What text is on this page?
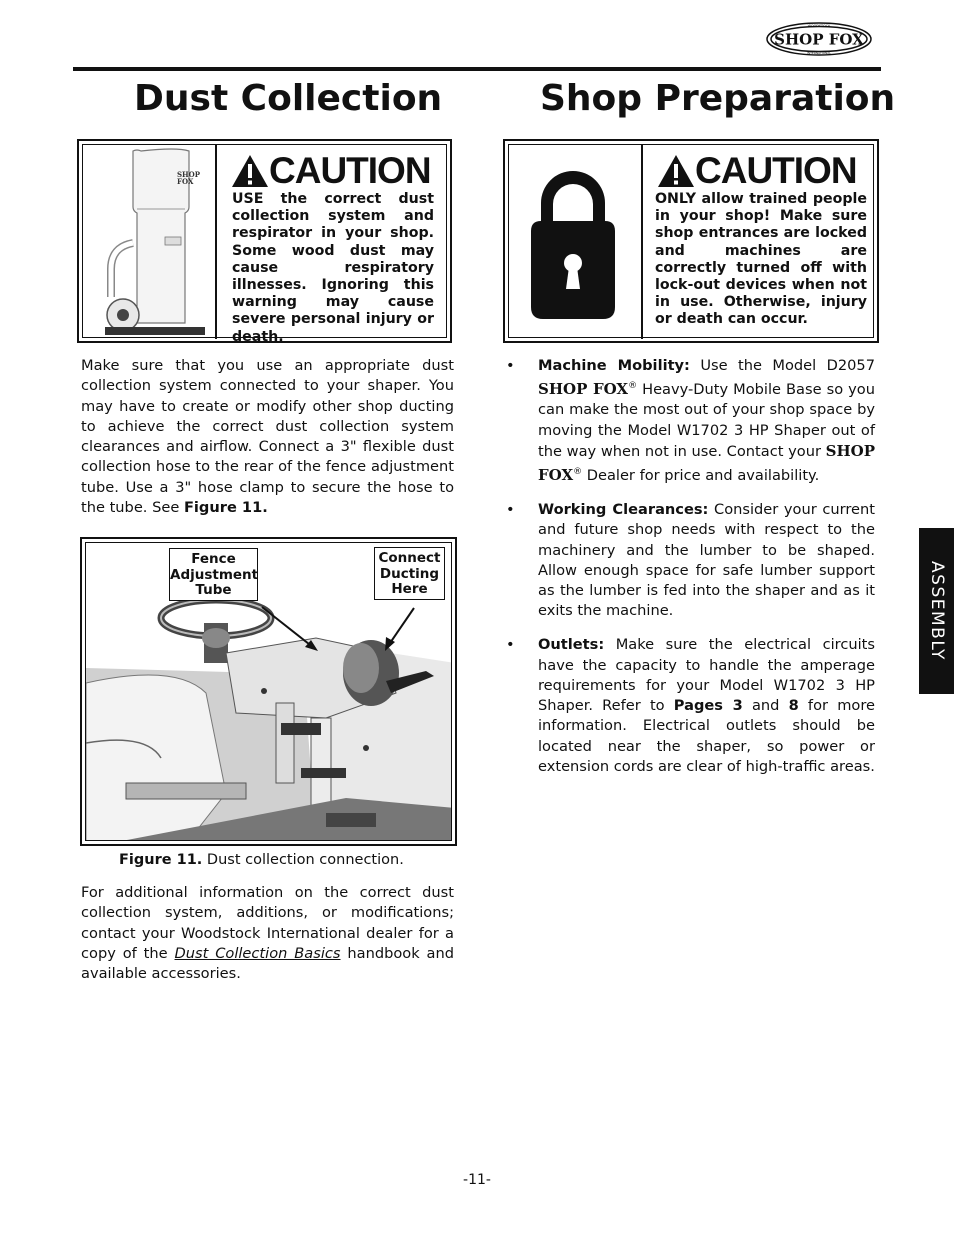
SHOP FOX
WOODSTOCK
INTERNATIONAL
Dust Collection	Shop Preparation
SHOP
FOX CAUTION
USE the correct dust collection system and respirator in your shop. Some wood dust may cause respiratory illnesses. Ignoring this warning may cause severe personal injury or death.
CAUTION
ONLY allow trained people in your shop! Make sure shop entrances are locked and machines are correctly turned off with lock-out devices when not in use. Otherwise, injury or death can occur.
Make sure that you use an appropriate dust collection system connected to your shaper. You may have to create or modify other shop ducting to achieve the correct dust collection system clearances and airflow. Connect a 3" flexible dust collection hose to the rear of the fence adjustment tube. Use a 3" hose clamp to secure the hose to the tube. See Figure 11.
Fence Adjustment Tube
Connect Ducting Here
Figure 11. Dust collection connection.
For additional information on the correct dust collection system, additions, or modifications; contact your Woodstock International dealer for a copy of the Dust Collection Basics handbook and available accessories.
• Machine Mobility: Use the Model D2057 SHOP FOX® Heavy-Duty Mobile Base so you can make the most out of your shop space by moving the Model W1702 3 HP Shaper out of the way when not in use. Contact your SHOP FOX® Dealer for price and availability.
• Working Clearances: Consider your current and future shop needs with respect to the machinery and the lumber to be shaped. Allow enough space for safe lumber support as the lumber is fed into the shaper and as it exits the machine.
• Outlets: Make sure the electrical circuits have the capacity to handle the amperage requirements for your Model W1702 3 HP Shaper. Refer to Pages 3 and 8 for more information. Electrical outlets should be located near the shaper, so power or extension cords are clear of high-traffic areas.
ASSEMBLY
-11-
